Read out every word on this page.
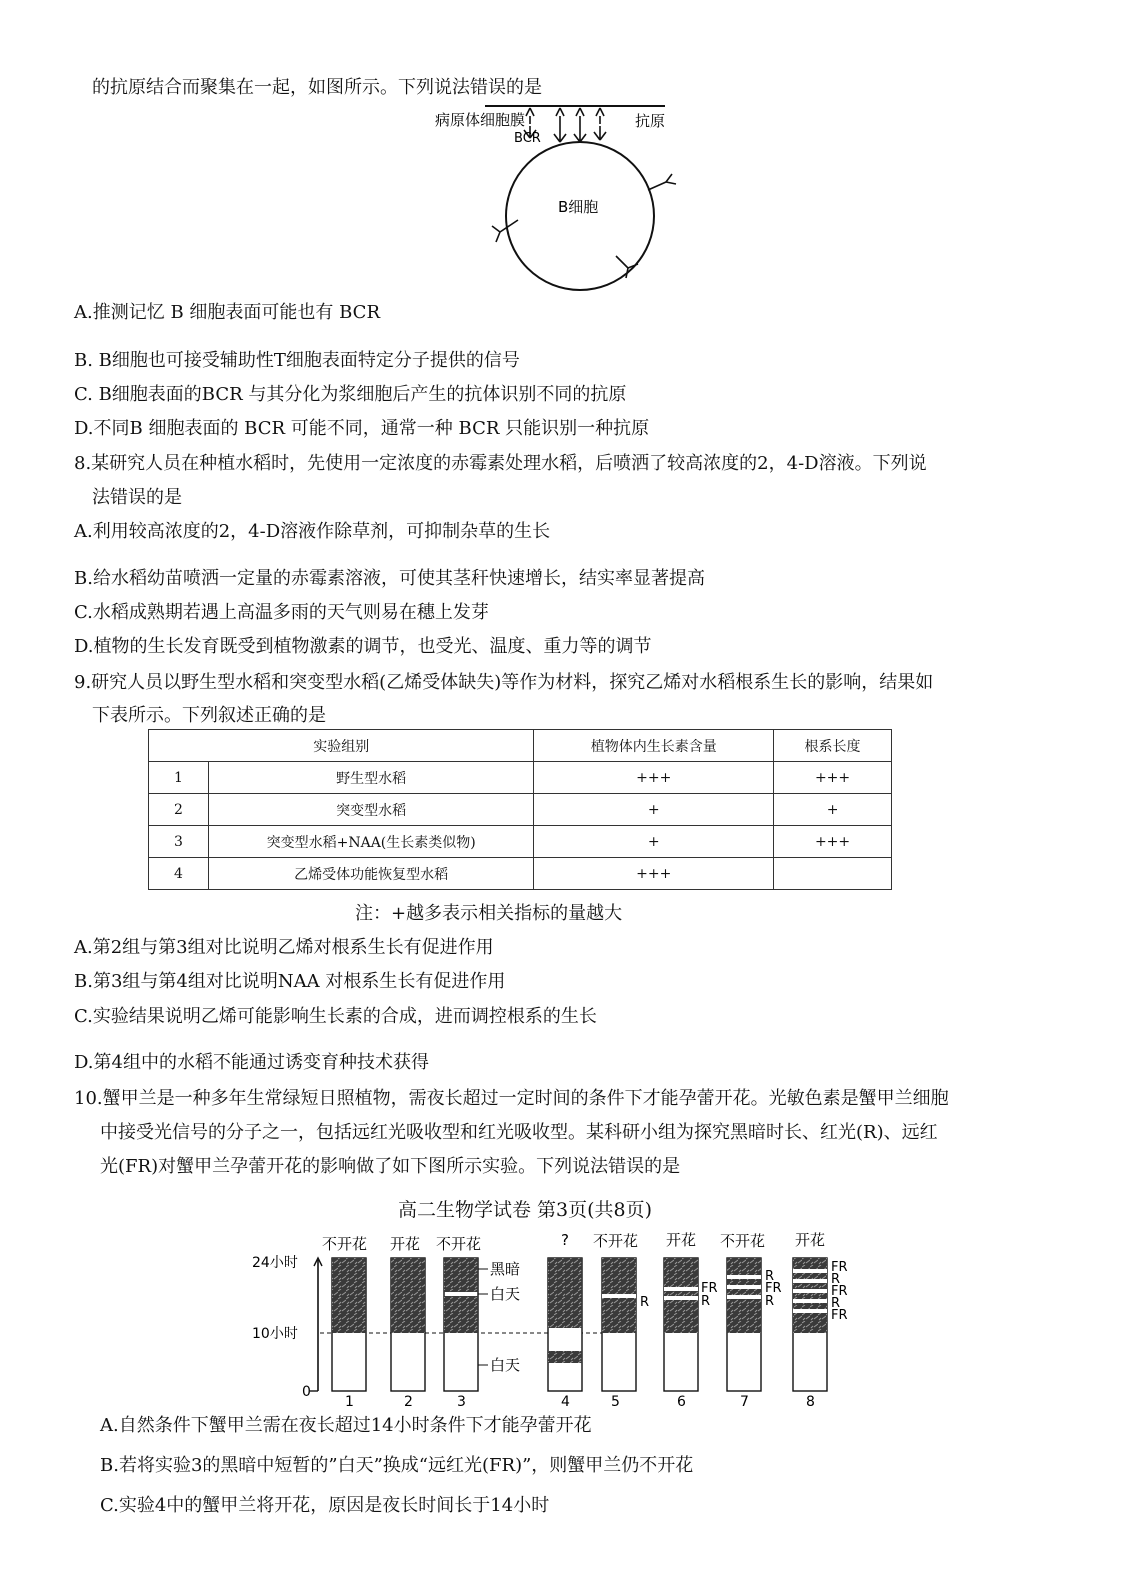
的抗原结合而聚集在一起，如图所示。下列说法错误的是
病原体细胞膜	抗原
BCR
B细胞
A.推测记忆 B 细胞表面可能也有 BCR
B. B细胞也可接受辅助性T细胞表面特定分子提供的信号
C. B细胞表面的BCR 与其分化为浆细胞后产生的抗体识别不同的抗原
D.不同B 细胞表面的 BCR 可能不同，通常一种 BCR 只能识别一种抗原
8.某研究人员在种植水稻时，先使用一定浓度的赤霉素处理水稻，后喷洒了较高浓度的2，4-D溶液。下列说
法错误的是
A.利用较高浓度的2，4-D溶液作除草剂，可抑制杂草的生长
B.给水稻幼苗喷洒一定量的赤霉素溶液，可使其茎秆快速增长，结实率显著提高
C.水稻成熟期若遇上高温多雨的天气则易在穗上发芽
D.植物的生长发育既受到植物激素的调节，也受光、温度、重力等的调节
9.研究人员以野生型水稻和突变型水稻(乙烯受体缺失)等作为材料，探究乙烯对水稻根系生长的影响，结果如
下表所示。下列叙述正确的是
实验组别		植物体内生长素含量	根系长度
1	野生型水稻	+++	+++
2	突变型水稻	+	+
3	突变型水稻+NAA(生长素类似物)	+	+++
4	乙烯受体功能恢复型水稻	+++	
注：+越多表示相关指标的量越大
A.第2组与第3组对比说明乙烯对根系生长有促进作用
B.第3组与第4组对比说明NAA 对根系生长有促进作用
C.实验结果说明乙烯可能影响生长素的合成，进而调控根系的生长
D.第4组中的水稻不能通过诱变育种技术获得
10.蟹甲兰是一种多年生常绿短日照植物，需夜长超过一定时间的条件下才能孕蕾开花。光敏色素是蟹甲兰细胞
中接受光信号的分子之一，包括远红光吸收型和红光吸收型。某科研小组为探究黑暗时长、红光(R)、远红
光(FR)对蟹甲兰孕蕾开花的影响做了如下图所示实验。下列说法错误的是
高二生物学试卷 第3页(共8页)
24小时
10小时
0
黑暗
白天
白天
不开花 开花 不开花	? 不开花 开花 不开花 开花
R
FR
R
R
FR
R
FR
R
FR
R
FR
1	2	3	4	5	6	7	8
A.自然条件下蟹甲兰需在夜长超过14小时条件下才能孕蕾开花
B.若将实验3的黑暗中短暂的”白天”换成“远红光(FR)”，则蟹甲兰仍不开花
C.实验4中的蟹甲兰将开花，原因是夜长时间长于14小时
